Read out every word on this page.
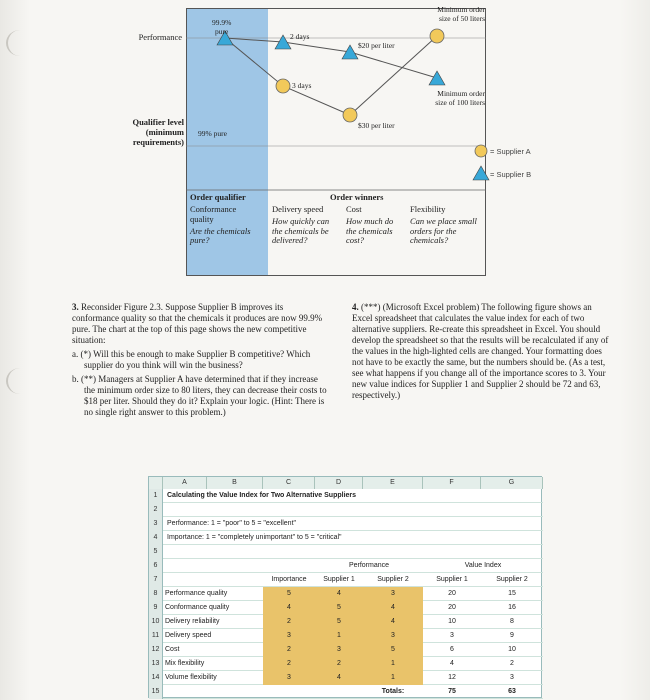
Performance
Qualifier level
(minimum
requirements)
99.9%
pure
99% pure
2 days
3 days
$20 per liter
$30 per liter
Minimum order
size of 50 liters
Minimum order
size of 100 liters
Order qualifier	Order winners
Conformance quality
Are the chemicals pure?
Delivery speed
How quickly can the chemicals be delivered?
Cost
How much do the chemicals cost?
Flexibility
Can we place small orders for the chemicals?
= Supplier A
= Supplier B

3. Reconsider Figure 2.3. Suppose Supplier B improves its conformance quality so that the chemicals it produces are now 99.9% pure. The chart at the top of this page shows the new competitive situation:

a. (*) Will this be enough to make Supplier B competitive? Which supplier do you think will win the business?

b. (**) Managers at Supplier A have determined that if they increase the minimum order size to 80 liters, they can decrease their costs to $18 per liter. Should they do it? Explain your logic. (Hint: There is no single right answer to this problem.)

4. (***) (Microsoft Excel problem) The following figure shows an Excel spreadsheet that calculates the value index for each of two alternative suppliers. Re-create this spreadsheet in Excel. You should develop the spreadsheet so that the results will be recalculated if any of the values in the high-lighted cells are changed. Your formatting does not have to be exactly the same, but the numbers should be. (As a test, see what happens if you change all of the importance scores to 3. Your new value indices for Supplier 1 and Supplier 2 should be 72 and 63, respectively.)

A	B	C	D	E	F	G
1	Calculating the Value Index for Two Alternative Suppliers
2
3	Performance: 1 = "poor" to 5 = "excellent"
4	Importance: 1 = "completely unimportant" to 5 = "critical"
5
6	Performance	Value Index
7	Importance	Supplier 1	Supplier 2	Supplier 1	Supplier 2
8	Performance quality	5	4	3	20	15
9	Conformance quality	4	5	4	20	16
10 Delivery reliability	2	5	4	10	8
11 Delivery speed	3	1	3	3	9
12 Cost	2	3	5	6	10
13 Mix flexibility	2	2	1	4	2
14 Volume flexibility	3	4	1	12	3
15	Totals:	75	63
